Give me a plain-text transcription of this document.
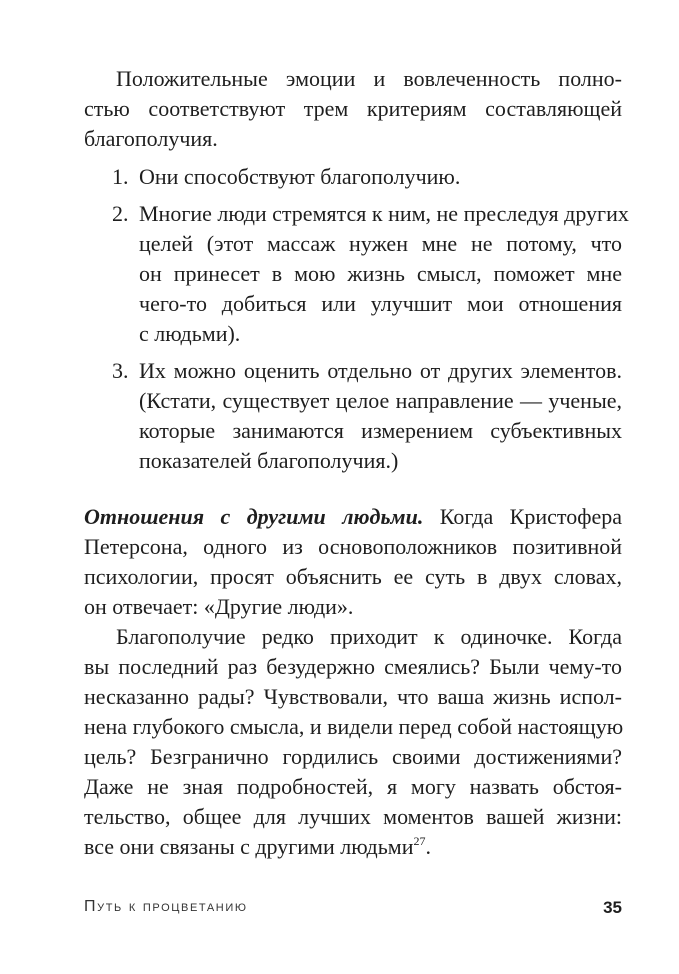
Положительные эмоции и вовлеченность полно-
стью соответствуют трем критериям составляющей
благополучия.

1. Они способствуют благополучию.
2. Многие люди стремятся к ним, не преследуя других
целей (этот массаж нужен мне не потому, что
он принесет в мою жизнь смысл, поможет мне
чего-то добиться или улучшит мои отношения
с людьми).
3. Их можно оценить отдельно от других элементов.
(Кстати, существует целое направление — ученые,
которые занимаются измерением субъективных
показателей благополучия.)

Отношения с другими людьми. Когда Кристофера
Петерсона, одного из основоположников позитивной
психологии, просят объяснить ее суть в двух словах,
он отвечает: «Другие люди».

Благополучие редко приходит к одиночке. Когда
вы последний раз безудержно смеялись? Были чему-то
несказанно рады? Чувствовали, что ваша жизнь испол-
нена глубокого смысла, и видели перед собой настоящую
цель? Безгранично гордились своими достижениями?
Даже не зная подробностей, я могу назвать обстоя-
тельство, общее для лучших моментов вашей жизни:
все они связаны с другими людьми$^{27}$.

Путь к процветанию	35
